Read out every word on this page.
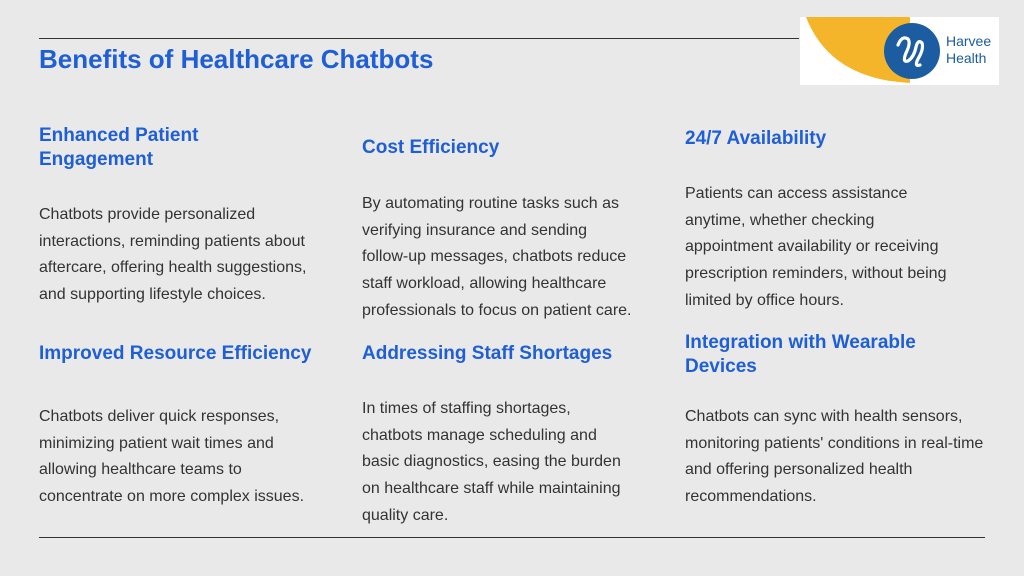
Benefits of Healthcare Chatbots
Harvee
Health
Enhanced Patient
Engagement
Chatbots provide personalized
interactions, reminding patients about
aftercare, offering health suggestions,
and supporting lifestyle choices.
Cost Efficiency
By automating routine tasks such as
verifying insurance and sending
follow-up messages, chatbots reduce
staff workload, allowing healthcare
professionals to focus on patient care.
24/7 Availability
Patients can access assistance
anytime, whether checking
appointment availability or receiving
prescription reminders, without being
limited by office hours.
Improved Resource Efficiency
Chatbots deliver quick responses,
minimizing patient wait times and
allowing healthcare teams to
concentrate on more complex issues.
Addressing Staff Shortages
In times of staffing shortages,
chatbots manage scheduling and
basic diagnostics, easing the burden
on healthcare staff while maintaining
quality care.
Integration with Wearable
Devices
Chatbots can sync with health sensors,
monitoring patients' conditions in real-time
and offering personalized health
recommendations.
